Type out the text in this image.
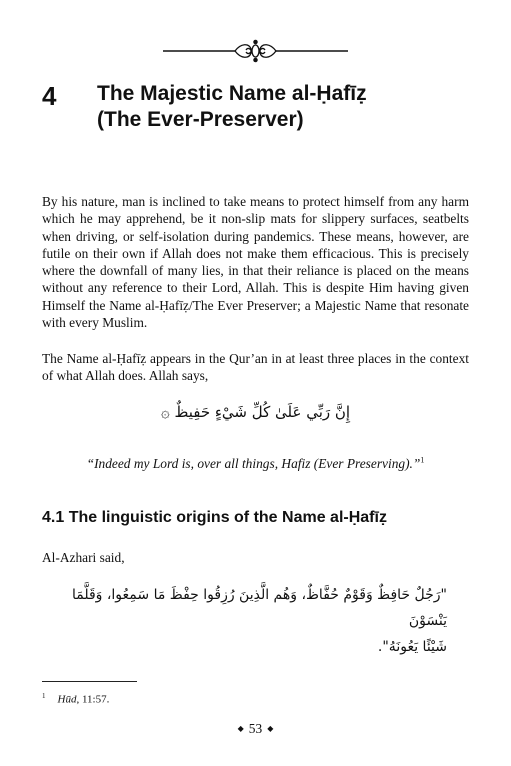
4 The Majestic Name al-Ḥafīẓ
(The Ever-Preserver)

By his nature, man is inclined to take means to protect himself from any harm which he may apprehend, be it non-slip mats for slippery surfaces, seatbelts when driving, or self-isolation during pandemics. These means, however, are futile on their own if Allah does not make them efficacious. This is precisely where the downfall of many lies, in that their reliance is placed on the means without any reference to their Lord, Allah. This is despite Him having given Himself the Name al-Ḥafīẓ/The Ever Preserver; a Majestic Name that resonate with every Muslim.

The Name al-Ḥafīẓ appears in the Qur’an in at least three places in the context of what Allah does. Allah says,

إِنَّ رَبِّي عَلَىٰ كُلِّ شَيْءٍ حَفِيظٌ ۞
“Indeed my Lord is, over all things, Hafiz (Ever Preserving).”$^1$
4.1 The linguistic origins of the Name al-Ḥafīẓ
Al-Azhari said,
"رَجُلٌ حَافِظٌ وَقَوْمٌ حُفَّاظٌ، وَهُم الَّذِينَ رُزِقُوا حِفْظَ مَا سَمِعُوا، وَقَلَّمَا يَنْسَوْنَ
شَيْئًا يَعُونَهُ".
$^1$ Hūd, 11:57.
◆ 53 ◆
